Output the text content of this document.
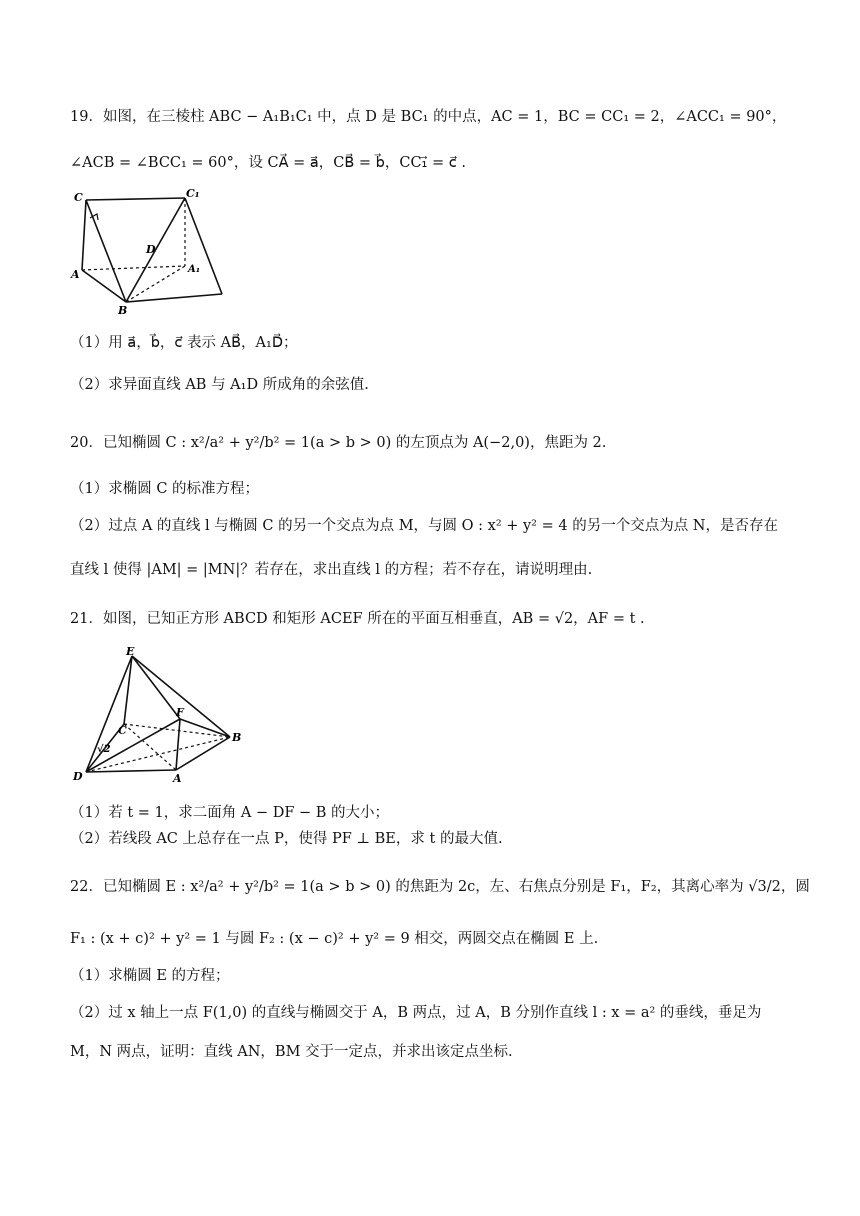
19．如图，在三棱柱 ABC − A₁B₁C₁ 中，点 D 是 BC₁ 的中点，AC = 1，BC = CC₁ = 2，∠ACC₁ = 90°，
∠ACB = ∠BCC₁ = 60°，设 CA⃗ = a⃗，CB⃗ = b⃗，CC₁⃗ = c⃗ .
C	C₁
D
A₁
A
B
（1）用 a⃗，b⃗，c⃗ 表示 AB⃗，A₁D⃗；
（2）求异面直线 AB 与 A₁D 所成角的余弦值.
20．已知椭圆 C : x²/a² + y²/b² = 1(a > b > 0) 的左顶点为 A(−2,0)，焦距为 2.
（1）求椭圆 C 的标准方程；
（2）过点 A 的直线 l 与椭圆 C 的另一个交点为点 M，与圆 O : x² + y² = 4 的另一个交点为点 N，是否存在
直线 l 使得 |AM| = |MN|？若存在，求出直线 l 的方程；若不存在，请说明理由.
21．如图，已知正方形 ABCD 和矩形 ACEF 所在的平面互相垂直，AB = √2，AF = t .
E
F
C
B
√2
D	A
（1）若 t = 1，求二面角 A − DF − B 的大小；
（2）若线段 AC 上总存在一点 P，使得 PF ⊥ BE，求 t 的最大值.
22．已知椭圆 E : x²/a² + y²/b² = 1(a > b > 0) 的焦距为 2c，左、右焦点分别是 F₁，F₂，其离心率为 √3/2，圆
F₁ : (x + c)² + y² = 1 与圆 F₂ : (x − c)² + y² = 9 相交，两圆交点在椭圆 E 上.
（1）求椭圆 E 的方程；
（2）过 x 轴上一点 F(1,0) 的直线与椭圆交于 A，B 两点，过 A，B 分别作直线 l : x = a² 的垂线，垂足为
M，N 两点，证明：直线 AN，BM 交于一定点，并求出该定点坐标.
